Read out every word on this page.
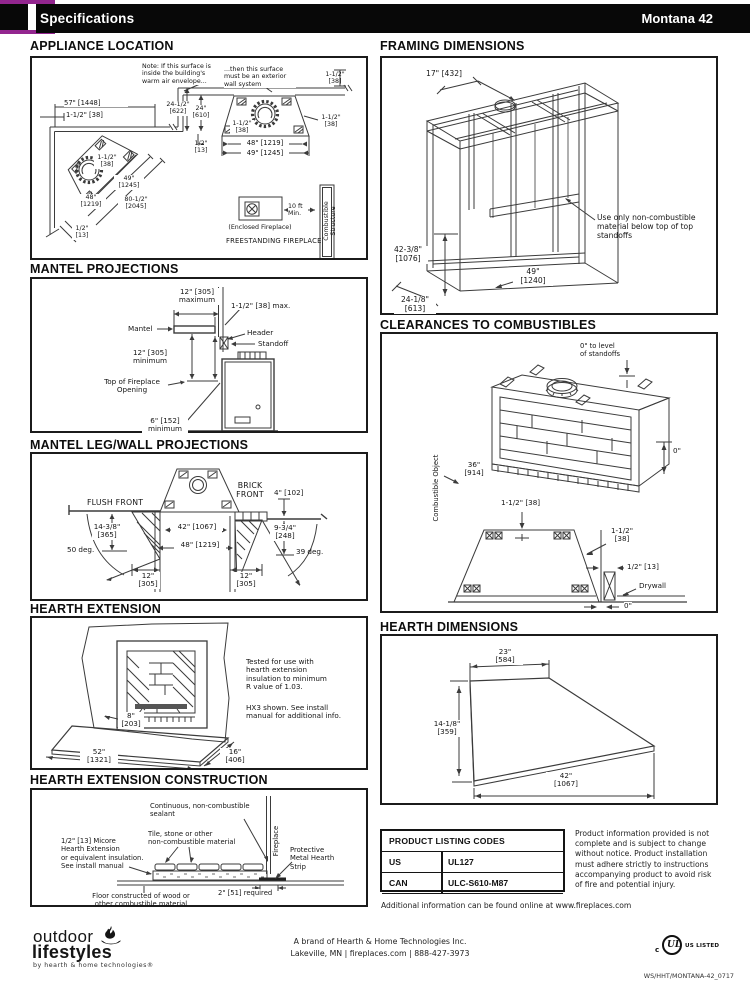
Specifications	Montana 42
APPLIANCE LOCATION
Note: If this surface is
inside the building's
warm air envelope...
...then this surface
must be an exterior
wall system
57" [1448]
1-1/2" [38]
24-1/2"
[622]	24"
[610]
1-1/2"
[38]
1-1/2"
[38]
1-1/2"
[38]
1/2"
[13]
48" [1219]
49" [1245]
1-1/2"
[38]
49"
[1245]
48"
[1219]
80-1/2"
[2045]
1/2"
[13]
10 ft
Min.
(Enclosed Fireplace)
FREESTANDING FIREPLACE
Combustible Structure
MANTEL PROJECTIONS
12" [305]
maximum
1-1/2" [38] max.
Mantel	Header
Standoff
12" [305]
minimum
Top of Fireplace
Opening
6" [152]
minimum
MANTEL LEG/WALL PROJECTIONS
FLUSH FRONT
BRICK
FRONT	4" [102]
14-3/8"
[365]
42" [1067]
48" [1219]
9-3/4"
[248]
50 deg.	39 deg.
12"
[305]
12"
[305]
HEARTH EXTENSION
8"
[203]
52"
[1321]
16"
[406]
Tested for use with
hearth extension
insulation to minimum
R value of 1.03.
HX3 shown. See install
manual for additional info.
HEARTH EXTENSION CONSTRUCTION
Continuous, non-combustible
sealant
Tile, stone or other
non-combustible material
1/2" [13] Micore
Hearth Extension
or equivalent insulation.
See install manual
Fireplace Protective
Metal Hearth
Strip
2" [51] required
Floor constructed of wood or
other combustible material
FRAMING DIMENSIONS
17" [432]
42-3/8"
[1076]
49"
[1240]
24-1/8"
[613]
Use only non-combustible
material below top of top
standoffs
CLEARANCES TO COMBUSTIBLES
0" to level
of standoffs
0"
36"
[914]
Combustible Object	1-1/2" [38]
1-1/2"
[38]
1/2" [13]
Drywall
0"
HEARTH DIMENSIONS
23"
[584]
14-1/8"
[359]
42"
[1067]
PRODUCT LISTING CODES
US	UL127
CAN	ULC-S610-M87
Product information provided is not complete and is subject to change without notice. Product installation must adhere strictly to instructions accompanying product to avoid risk of fire and potential injury.
Additional information can be found online at www.fireplaces.com
outdoor
lifestyles
by hearth & home technologies®
A brand of Hearth & Home Technologies Inc.
Lakeville, MN | fireplaces.com | 888-427-3973	c UL US LISTED
WS/HHT/MONTANA-42_0717
